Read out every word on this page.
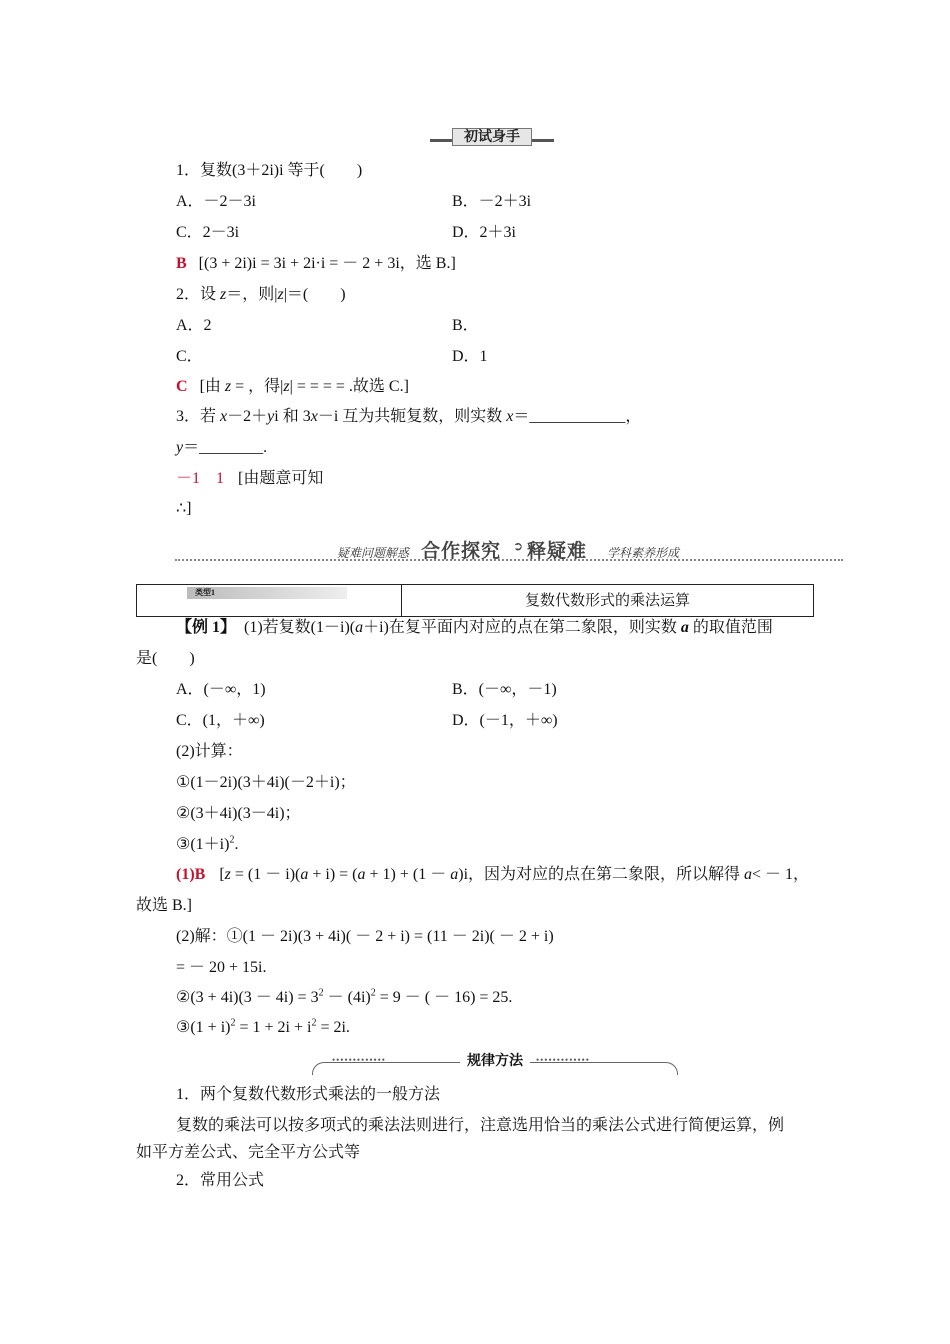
初试身手
1．复数(3＋2i)i 等于(　　)
A．－2－3i	B．－2＋3i
C．2－3i	D．2＋3i
B [(3 + 2i)i = 3i + 2i·i = － 2 + 3i，选 B.]
2．设 z＝，则|z|＝(　　)
A．2	B．
C．	D．1
C [由 z = ，得|z| = = = = .故选 C.]
3．若 x－2＋yi 和 3x－i 互为共轭复数，则实数 x＝____________，
y＝________.
－1　1 [由题意可知
∴]
疑难问题解惑 合作探究 ➲ 释疑难 学科素养形成
类型1	复数代数形式的乘法运算
【例 1】　(1)若复数(1－i)(a＋i)在复平面内对应的点在第二象限，则实数 a 的取值范围
是(　　)
A．(－∞，1)	B．(－∞，－1)
C．(1，＋∞)	D．(－1，＋∞)
(2)计算：
①(1－2i)(3＋4i)(－2＋i)；
②(3＋4i)(3－4i)；
$③(1+i)^2$.
(1)B [z = (1 － i)(a + i) = (a + 1) + (1 － a)i，因为对应的点在第二象限，所以解得 a< － 1，
故选 B.]
(2)解：①(1 － 2i)(3 + 4i)( － 2 + i) = (11 － 2i)( － 2 + i)
= － 20 + 15i.
②(3 + $4i)(3 - 4i) = 3^2 - (4i)^2 = 9$ － ( － 16) = 25.
③(1 + $i)^2 = 1 + 2i + i^2 = 2i$.
•••••••••••••	•••••••••••••
规律方法
1．两个复数代数形式乘法的一般方法
复数的乘法可以按多项式的乘法法则进行，注意选用恰当的乘法公式进行简便运算，例
如平方差公式、完全平方公式等
2．常用公式
